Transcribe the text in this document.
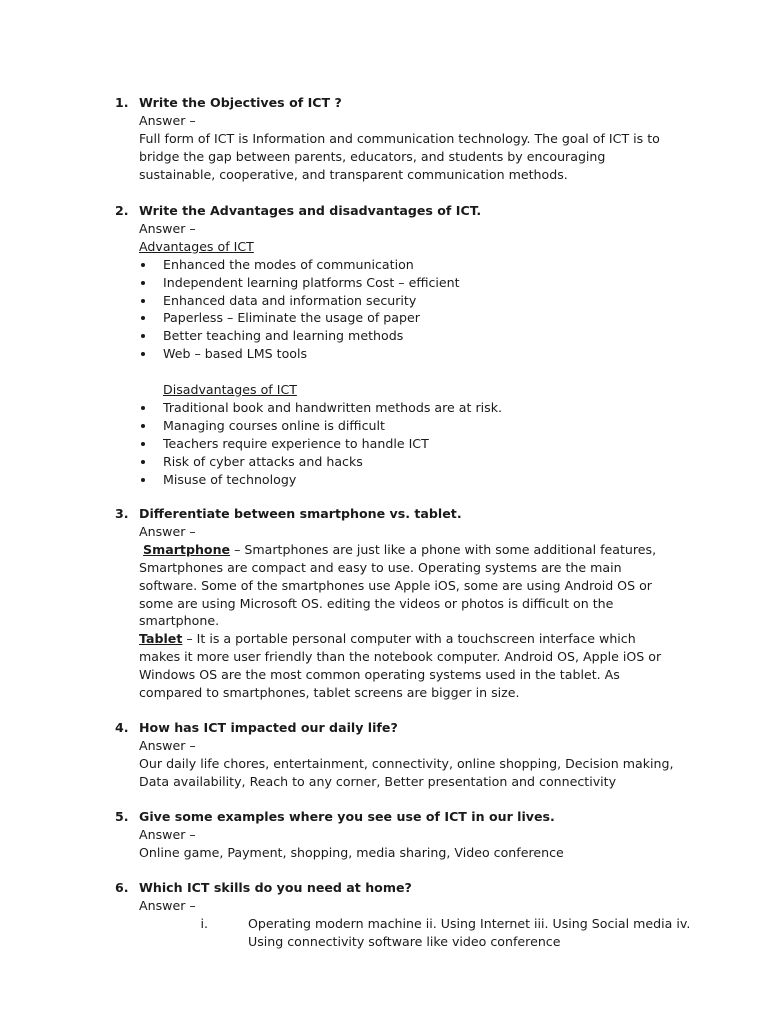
1. Write the Objectives of ICT ?
Answer –
Full form of ICT is Information and communication technology. The goal of ICT is to
bridge the gap between parents, educators, and students by encouraging
sustainable, cooperative, and transparent communication methods.
2. Write the Advantages and disadvantages of ICT.
Answer –
Advantages of ICT
Enhanced the modes of communication
Independent learning platforms Cost – efficient
Enhanced data and information security
Paperless – Eliminate the usage of paper
Better teaching and learning methods
Web – based LMS tools
Disadvantages of ICT
Traditional book and handwritten methods are at risk.
Managing courses online is difficult
Teachers require experience to handle ICT
Risk of cyber attacks and hacks
Misuse of technology
3. Differentiate between smartphone vs. tablet.
Answer –
Smartphone – Smartphones are just like a phone with some additional features,
Smartphones are compact and easy to use. Operating systems are the main
software. Some of the smartphones use Apple iOS, some are using Android OS or
some are using Microsoft OS. editing the videos or photos is difficult on the
smartphone.
Tablet – It is a portable personal computer with a touchscreen interface which
makes it more user friendly than the notebook computer. Android OS, Apple iOS or
Windows OS are the most common operating systems used in the tablet. As
compared to smartphones, tablet screens are bigger in size.
4. How has ICT impacted our daily life?
Answer –
Our daily life chores, entertainment, connectivity, online shopping, Decision making,
Data availability, Reach to any corner, Better presentation and connectivity
5. Give some examples where you see use of ICT in our lives.
Answer –
Online game, Payment, shopping, media sharing, Video conference
6. Which ICT skills do you need at home?
Answer –
i.	Operating modern machine ii. Using Internet iii. Using Social media iv.
Using connectivity software like video conference
